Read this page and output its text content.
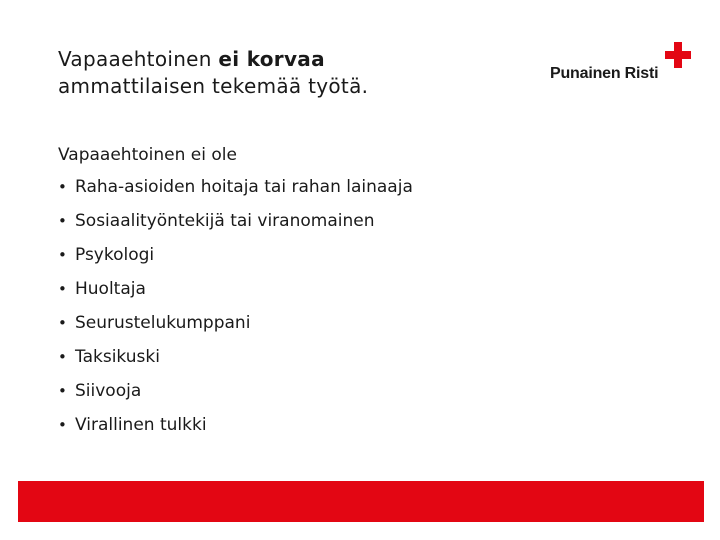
Vapaaehtoinen ei korvaa
ammattilaisen tekemää työtä.
Punainen Risti
Vapaaehtoinen ei ole
• Raha-asioiden hoitaja tai rahan lainaaja
• Sosiaalityöntekijä tai viranomainen
• Psykologi
• Huoltaja
• Seurustelukumppani
• Taksikuski
• Siivooja
• Virallinen tulkki
